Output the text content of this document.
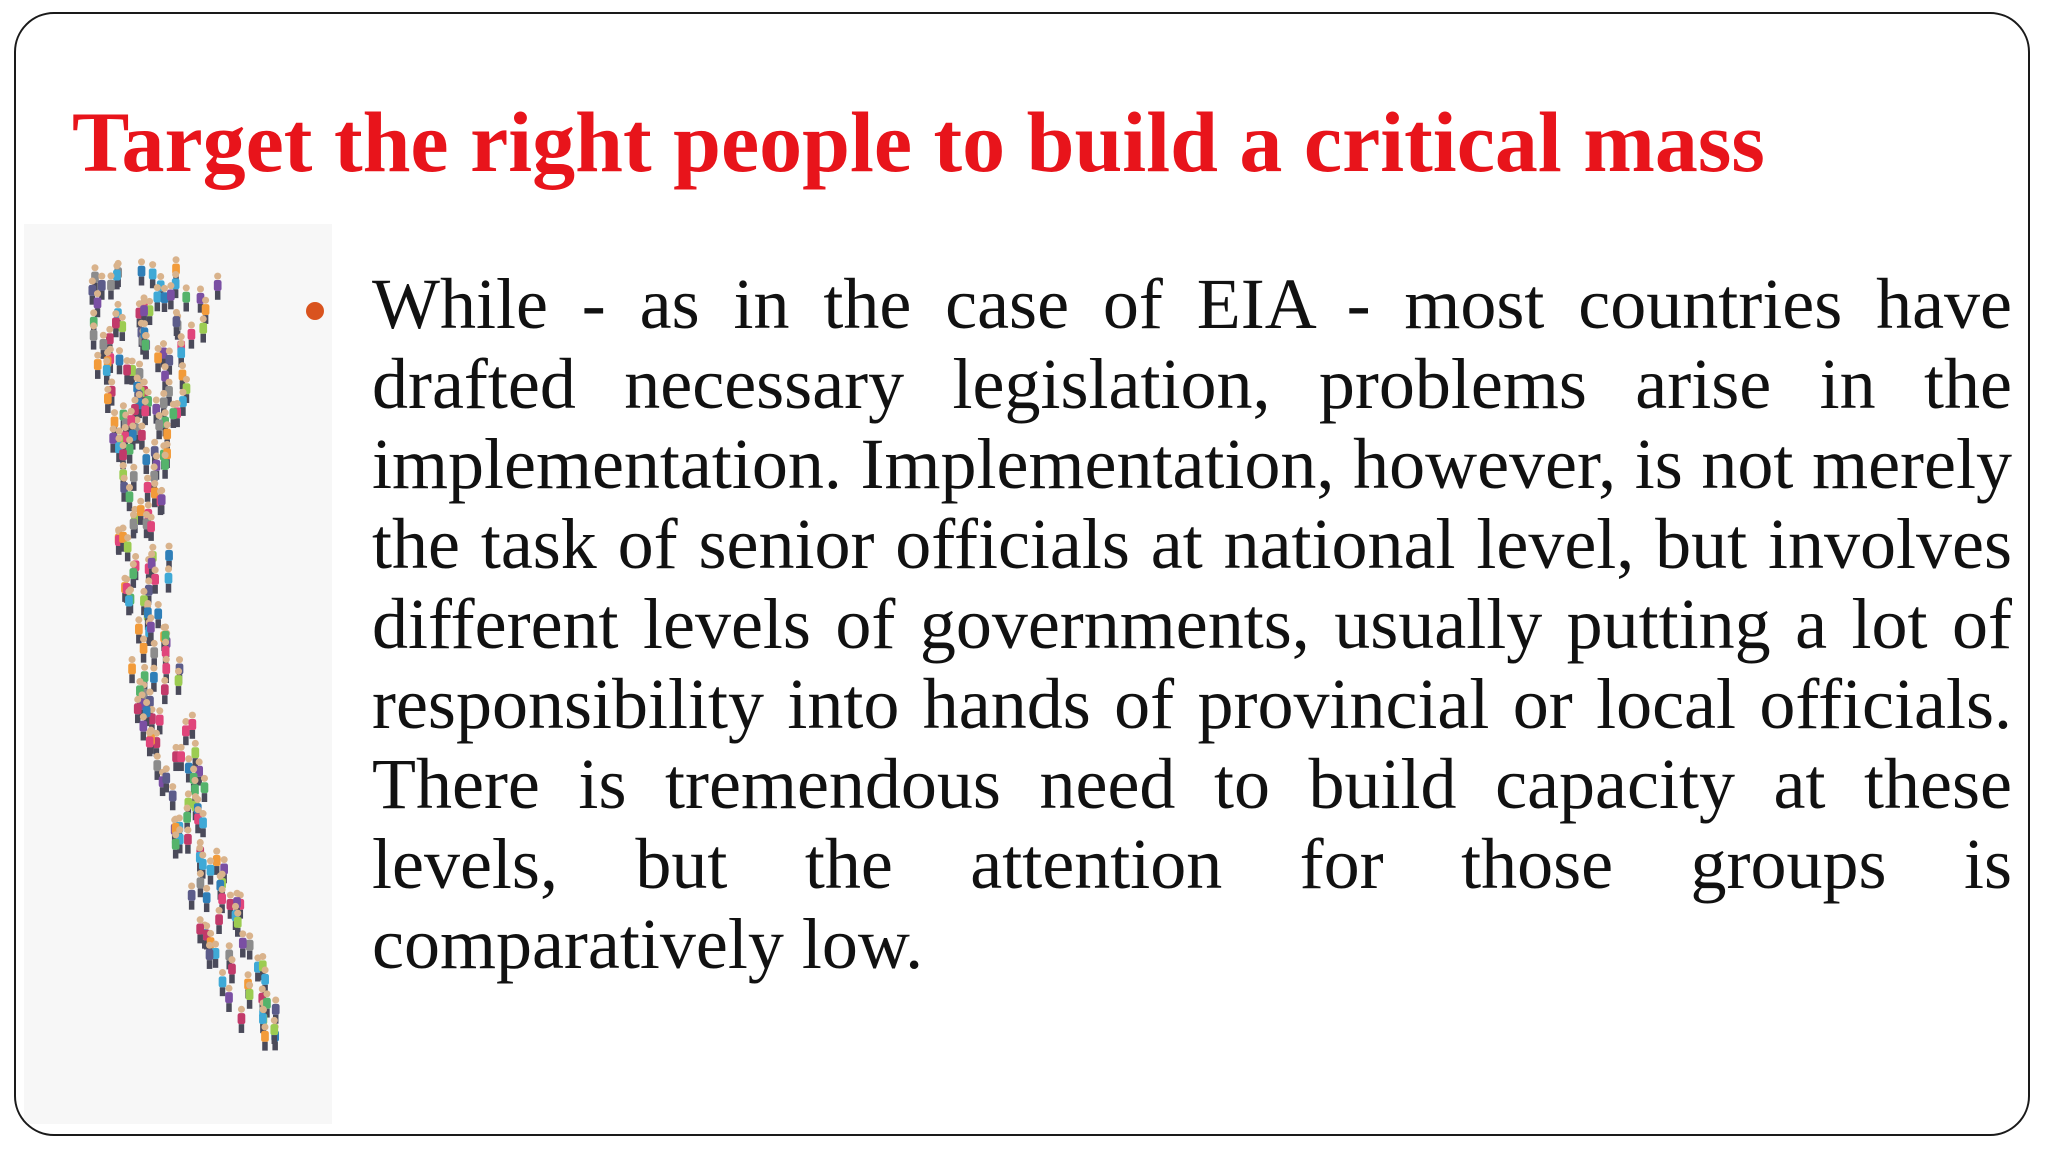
Target the right people to build a critical mass

While - as in the case of EIA - most countries have drafted necessary legislation, problems arise in the implementation. Implementation, however, is not merely the task of senior officials at national level, but involves different levels of governments, usually putting a lot of responsibility into hands of provincial or local officials. There is tremendous need to build capacity at these levels, but the attention for those groups is comparatively low.
